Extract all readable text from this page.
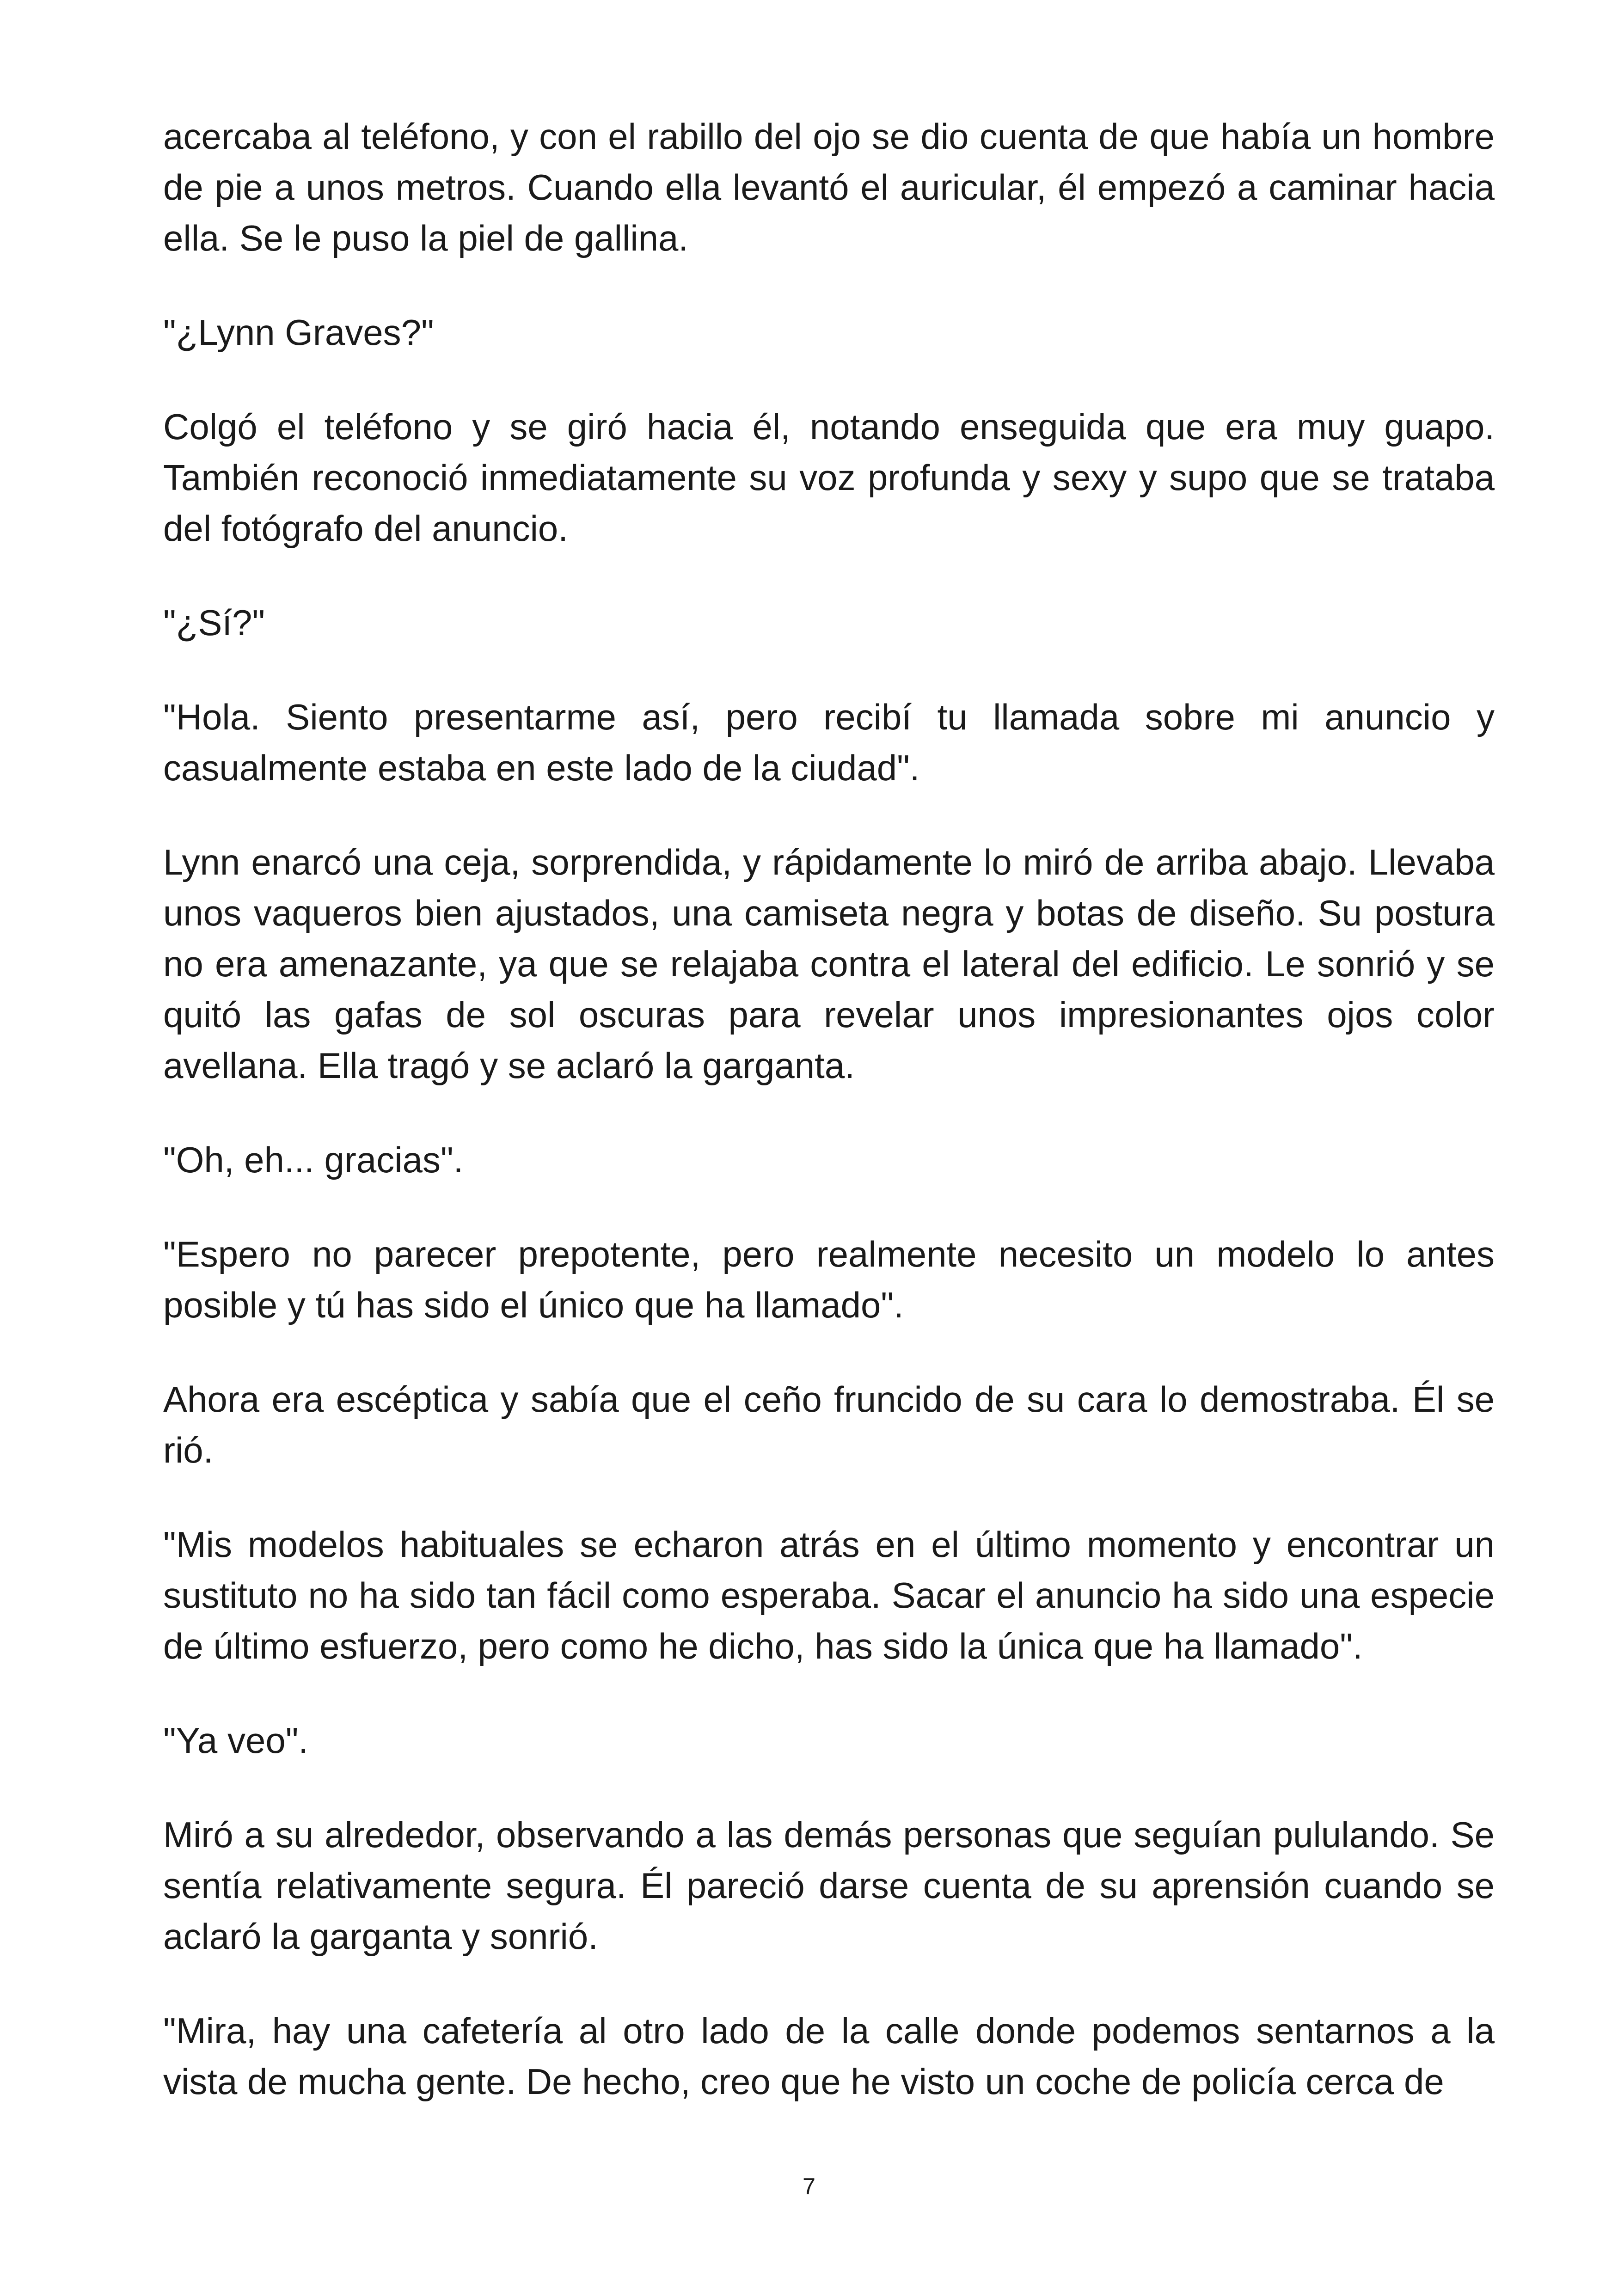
acercaba al teléfono, y con el rabillo del ojo se dio cuenta de que había un hombre de pie a unos metros. Cuando ella levantó el auricular, él empezó a caminar hacia ella. Se le puso la piel de gallina.

"¿Lynn Graves?"

Colgó el teléfono y se giró hacia él, notando enseguida que era muy guapo. También reconoció inmediatamente su voz profunda y sexy y supo que se trataba del fotógrafo del anuncio.

"¿Sí?"

"Hola. Siento presentarme así, pero recibí tu llamada sobre mi anuncio y casualmente estaba en este lado de la ciudad".

Lynn enarcó una ceja, sorprendida, y rápidamente lo miró de arriba abajo. Llevaba unos vaqueros bien ajustados, una camiseta negra y botas de diseño. Su postura no era amenazante, ya que se relajaba contra el lateral del edificio. Le sonrió y se quitó las gafas de sol oscuras para revelar unos impresionantes ojos color avellana. Ella tragó y se aclaró la garganta.

"Oh, eh... gracias".

"Espero no parecer prepotente, pero realmente necesito un modelo lo antes posible y tú has sido el único que ha llamado".

Ahora era escéptica y sabía que el ceño fruncido de su cara lo demostraba. Él se rió.

"Mis modelos habituales se echaron atrás en el último momento y encontrar un sustituto no ha sido tan fácil como esperaba. Sacar el anuncio ha sido una especie de último esfuerzo, pero como he dicho, has sido la única que ha llamado".

"Ya veo".

Miró a su alrededor, observando a las demás personas que seguían pululando. Se sentía relativamente segura. Él pareció darse cuenta de su aprensión cuando se aclaró la garganta y sonrió.

"Mira, hay una cafetería al otro lado de la calle donde podemos sentarnos a la vista de mucha gente. De hecho, creo que he visto un coche de policía cerca de

7
